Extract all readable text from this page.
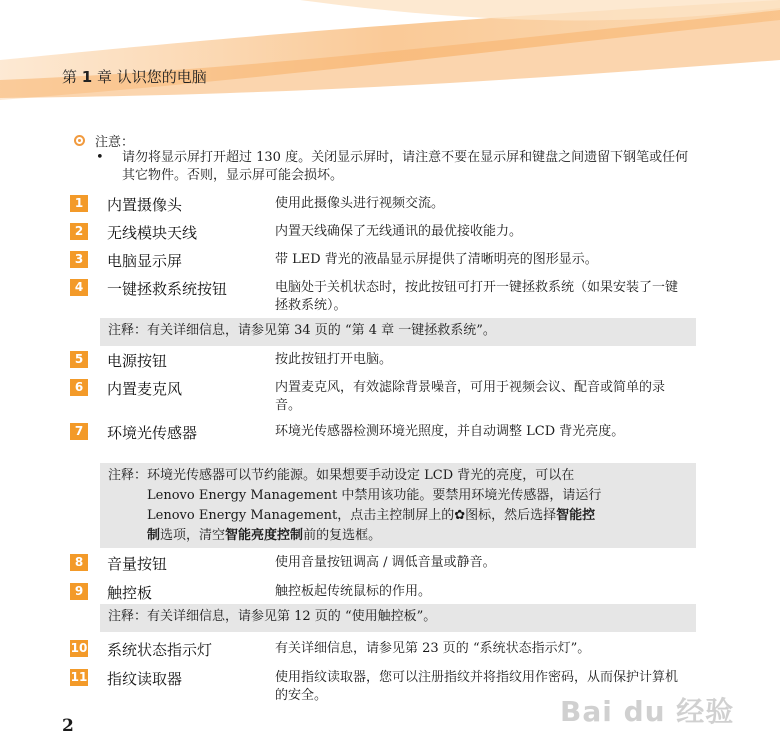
第 1 章 认识您的电脑
注意：
• 请勿将显示屏打开超过 130 度。关闭显示屏时，请注意不要在显示屏和键盘之间遗留下钢笔或任何其它物件。否则，显示屏可能会损坏。
1	内置摄像头	使用此摄像头进行视频交流。
2	无线模块天线	内置天线确保了无线通讯的最优接收能力。
3	电脑显示屏	带 LED 背光的液晶显示屏提供了清晰明亮的图形显示。
4	一键拯救系统按钮	电脑处于关机状态时，按此按钮可打开一键拯救系统（如果安装了一键拯救系统）。
注释：有关详细信息，请参见第 34 页的 “第 4 章 一键拯救系统”。
5	电源按钮	按此按钮打开电脑。
6	内置麦克风	内置麦克风，有效滤除背景噪音，可用于视频会议、配音或简单的录音。
7	环境光传感器	环境光传感器检测环境光照度，并自动调整 LCD 背光亮度。
注释： 环境光传感器可以节约能源。如果想要手动设定 LCD 背光的亮度，可以在
Lenovo Energy Management 中禁用该功能。要禁用环境光传感器，请运行
Lenovo Energy Management，点击主控制屏上的✿图标，然后选择智能控
制选项，清空智能亮度控制前的复选框。
8	音量按钮	使用音量按钮调高 / 调低音量或静音。
9	触控板	触控板起传统鼠标的作用。
注释：有关详细信息，请参见第 12 页的 “使用触控板”。
10 系统状态指示灯	有关详细信息，请参见第 23 页的 “系统状态指示灯”。
11 指纹读取器	使用指纹读取器，您可以注册指纹并将指纹用作密码，从而保护计算机的安全。
2	Bai du 经验
